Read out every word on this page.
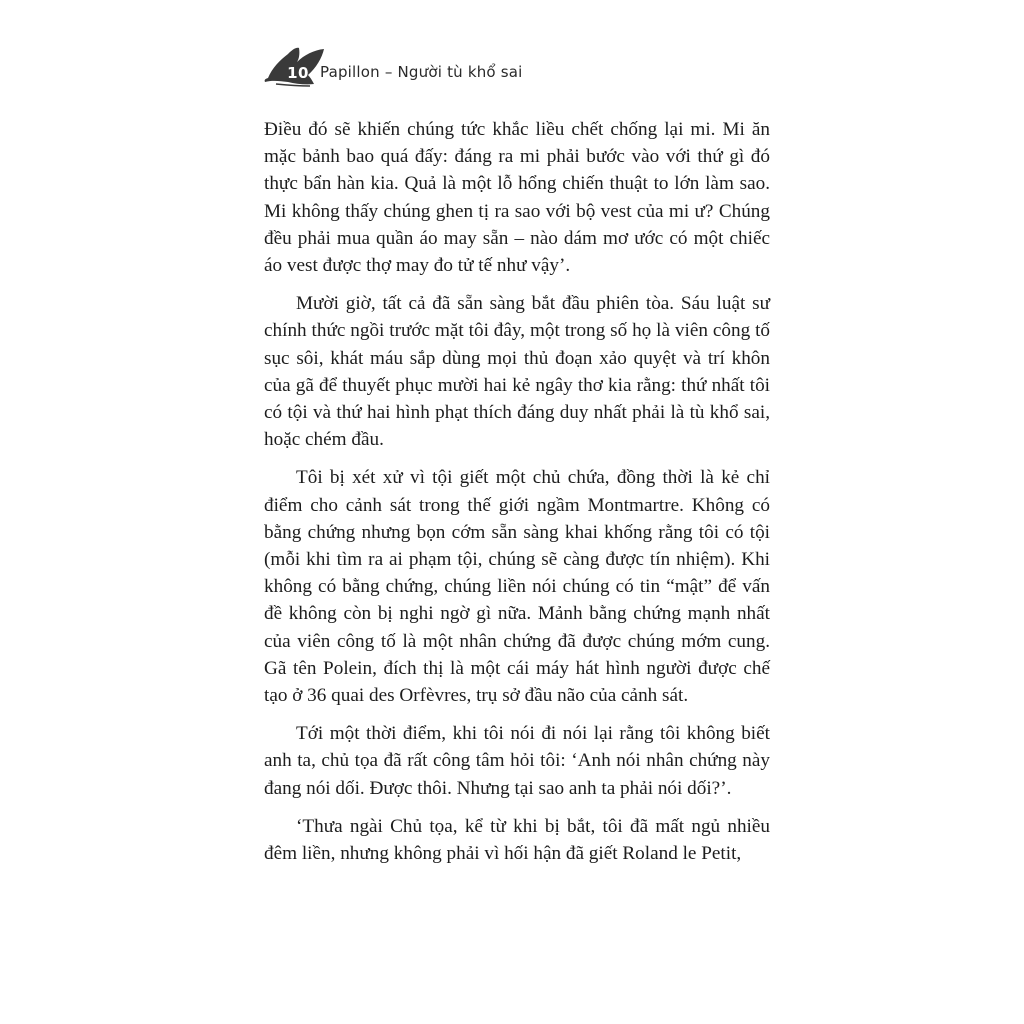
10 Papillon – Người tù khổ sai

Điều đó sẽ khiến chúng tức khắc liều chết chống lại mi. Mi ăn mặc bảnh bao quá đấy: đáng ra mi phải bước vào với thứ gì đó thực bẩn hàn kia. Quả là một lỗ hổng chiến thuật to lớn làm sao. Mi không thấy chúng ghen tị ra sao với bộ vest của mi ư? Chúng đều phải mua quần áo may sẵn – nào dám mơ ước có một chiếc áo vest được thợ may đo tử tế như vậy’.

Mười giờ, tất cả đã sẵn sàng bắt đầu phiên tòa. Sáu luật sư chính thức ngồi trước mặt tôi đây, một trong số họ là viên công tố sục sôi, khát máu sắp dùng mọi thủ đoạn xảo quyệt và trí khôn của gã để thuyết phục mười hai kẻ ngây thơ kia rằng: thứ nhất tôi có tội và thứ hai hình phạt thích đáng duy nhất phải là tù khổ sai, hoặc chém đầu.

Tôi bị xét xử vì tội giết một chủ chứa, đồng thời là kẻ chỉ điểm cho cảnh sát trong thế giới ngầm Montmartre. Không có bằng chứng nhưng bọn cớm sẵn sàng khai khống rằng tôi có tội (mỗi khi tìm ra ai phạm tội, chúng sẽ càng được tín nhiệm). Khi không có bằng chứng, chúng liền nói chúng có tin “mật” để vấn đề không còn bị nghi ngờ gì nữa. Mảnh bằng chứng mạnh nhất của viên công tố là một nhân chứng đã được chúng mớm cung. Gã tên Polein, đích thị là một cái máy hát hình người được chế tạo ở 36 quai des Orfèvres, trụ sở đầu não của cảnh sát.

Tới một thời điểm, khi tôi nói đi nói lại rằng tôi không biết anh ta, chủ tọa đã rất công tâm hỏi tôi: ‘Anh nói nhân chứng này đang nói dối. Được thôi. Nhưng tại sao anh ta phải nói dối?’.

‘Thưa ngài Chủ tọa, kể từ khi bị bắt, tôi đã mất ngủ nhiều đêm liền, nhưng không phải vì hối hận đã giết Roland le Petit,
